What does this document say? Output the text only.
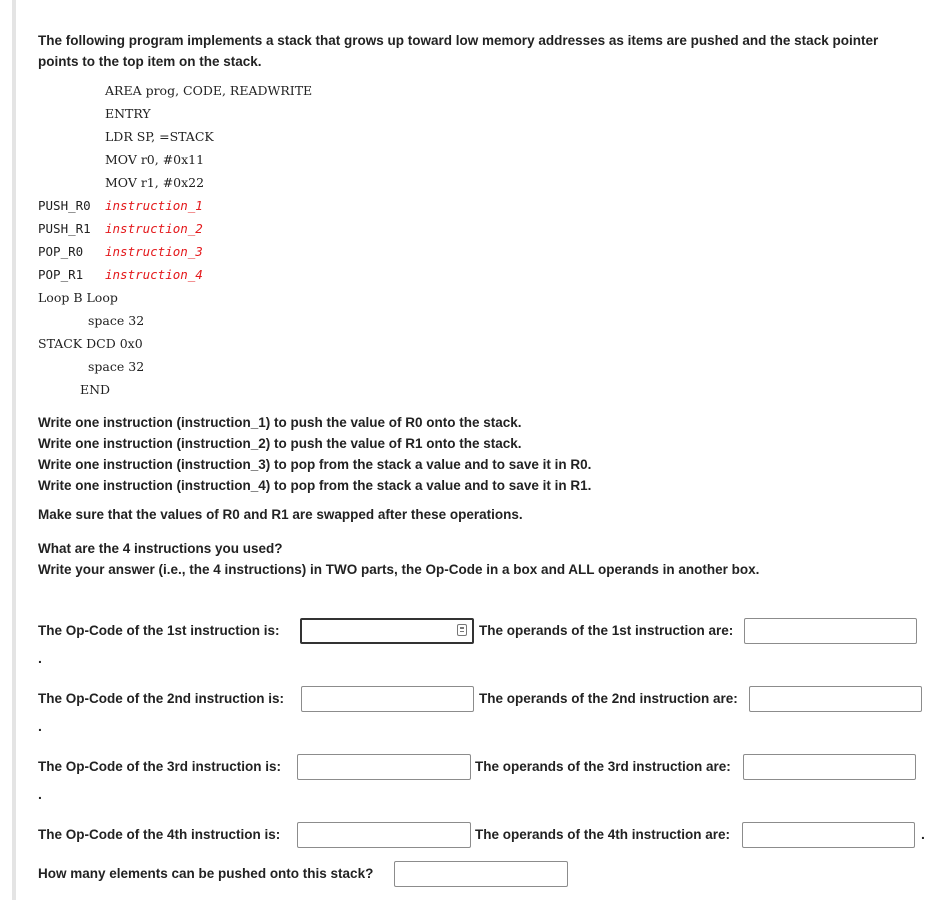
The following program implements a stack that grows up toward low memory addresses as items are pushed and the stack pointer
points to the top item on the stack.
AREA prog, CODE, READWRITE
ENTRY
LDR SP, =STACK
MOV r0, #0x11
MOV r1, #0x22
PUSH_R0 instruction_1
PUSH_R1 instruction_2
POP_R0 instruction_3
POP_R1 instruction_4
Loop B Loop
space 32
STACK DCD 0x0
space 32
END
Write one instruction (instruction_1) to push the value of R0 onto the stack.
Write one instruction (instruction_2) to push the value of R1 onto the stack.
Write one instruction (instruction_3) to pop from the stack a value and to save it in R0.
Write one instruction (instruction_4) to pop from the stack a value and to save it in R1.
Make sure that the values of R0 and R1 are swapped after these operations.
What are the 4 instructions you used?
Write your answer (i.e., the 4 instructions) in TWO parts, the Op-Code in a box and ALL operands in another box.
The Op-Code of the 1st instruction is:	The operands of the 1st instruction are:
.
The Op-Code of the 2nd instruction is:	The operands of the 2nd instruction are:
.
The Op-Code of the 3rd instruction is:	The operands of the 3rd instruction are:
.
The Op-Code of the 4th instruction is:	The operands of the 4th instruction are:	.
How many elements can be pushed onto this stack?
